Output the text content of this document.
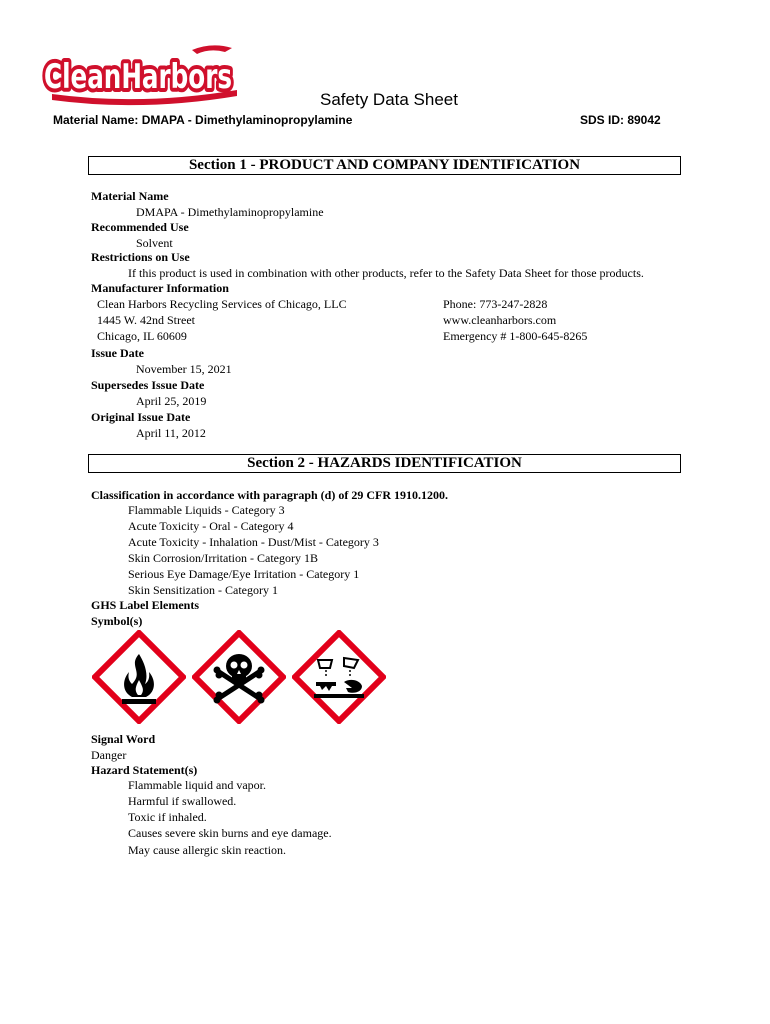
CleanHarbors
CleanHarbors
Safety Data Sheet
Material Name: DMAPA - Dimethylaminopropylamine	SDS ID: 89042
Section 1 - PRODUCT AND COMPANY IDENTIFICATION
Material Name
DMAPA - Dimethylaminopropylamine
Recommended Use
Solvent
Restrictions on Use
If this product is used in combination with other products, refer to the Safety Data Sheet for those products.
Manufacturer Information
Clean Harbors Recycling Services of Chicago, LLC
1445 W. 42nd Street
Chicago, IL 60609
Phone: 773-247-2828
www.cleanharbors.com
Emergency # 1-800-645-8265
Issue Date
November 15, 2021
Supersedes Issue Date
April 25, 2019
Original Issue Date
April 11, 2012
Section 2 - HAZARDS IDENTIFICATION
Classification in accordance with paragraph (d) of 29 CFR 1910.1200.
Flammable Liquids - Category 3
Acute Toxicity - Oral - Category 4
Acute Toxicity - Inhalation - Dust/Mist - Category 3
Skin Corrosion/Irritation - Category 1B
Serious Eye Damage/Eye Irritation - Category 1
Skin Sensitization - Category 1
GHS Label Elements
Symbol(s)
Signal Word
Danger
Hazard Statement(s)
Flammable liquid and vapor.
Harmful if swallowed.
Toxic if inhaled.
Causes severe skin burns and eye damage.
May cause allergic skin reaction.
